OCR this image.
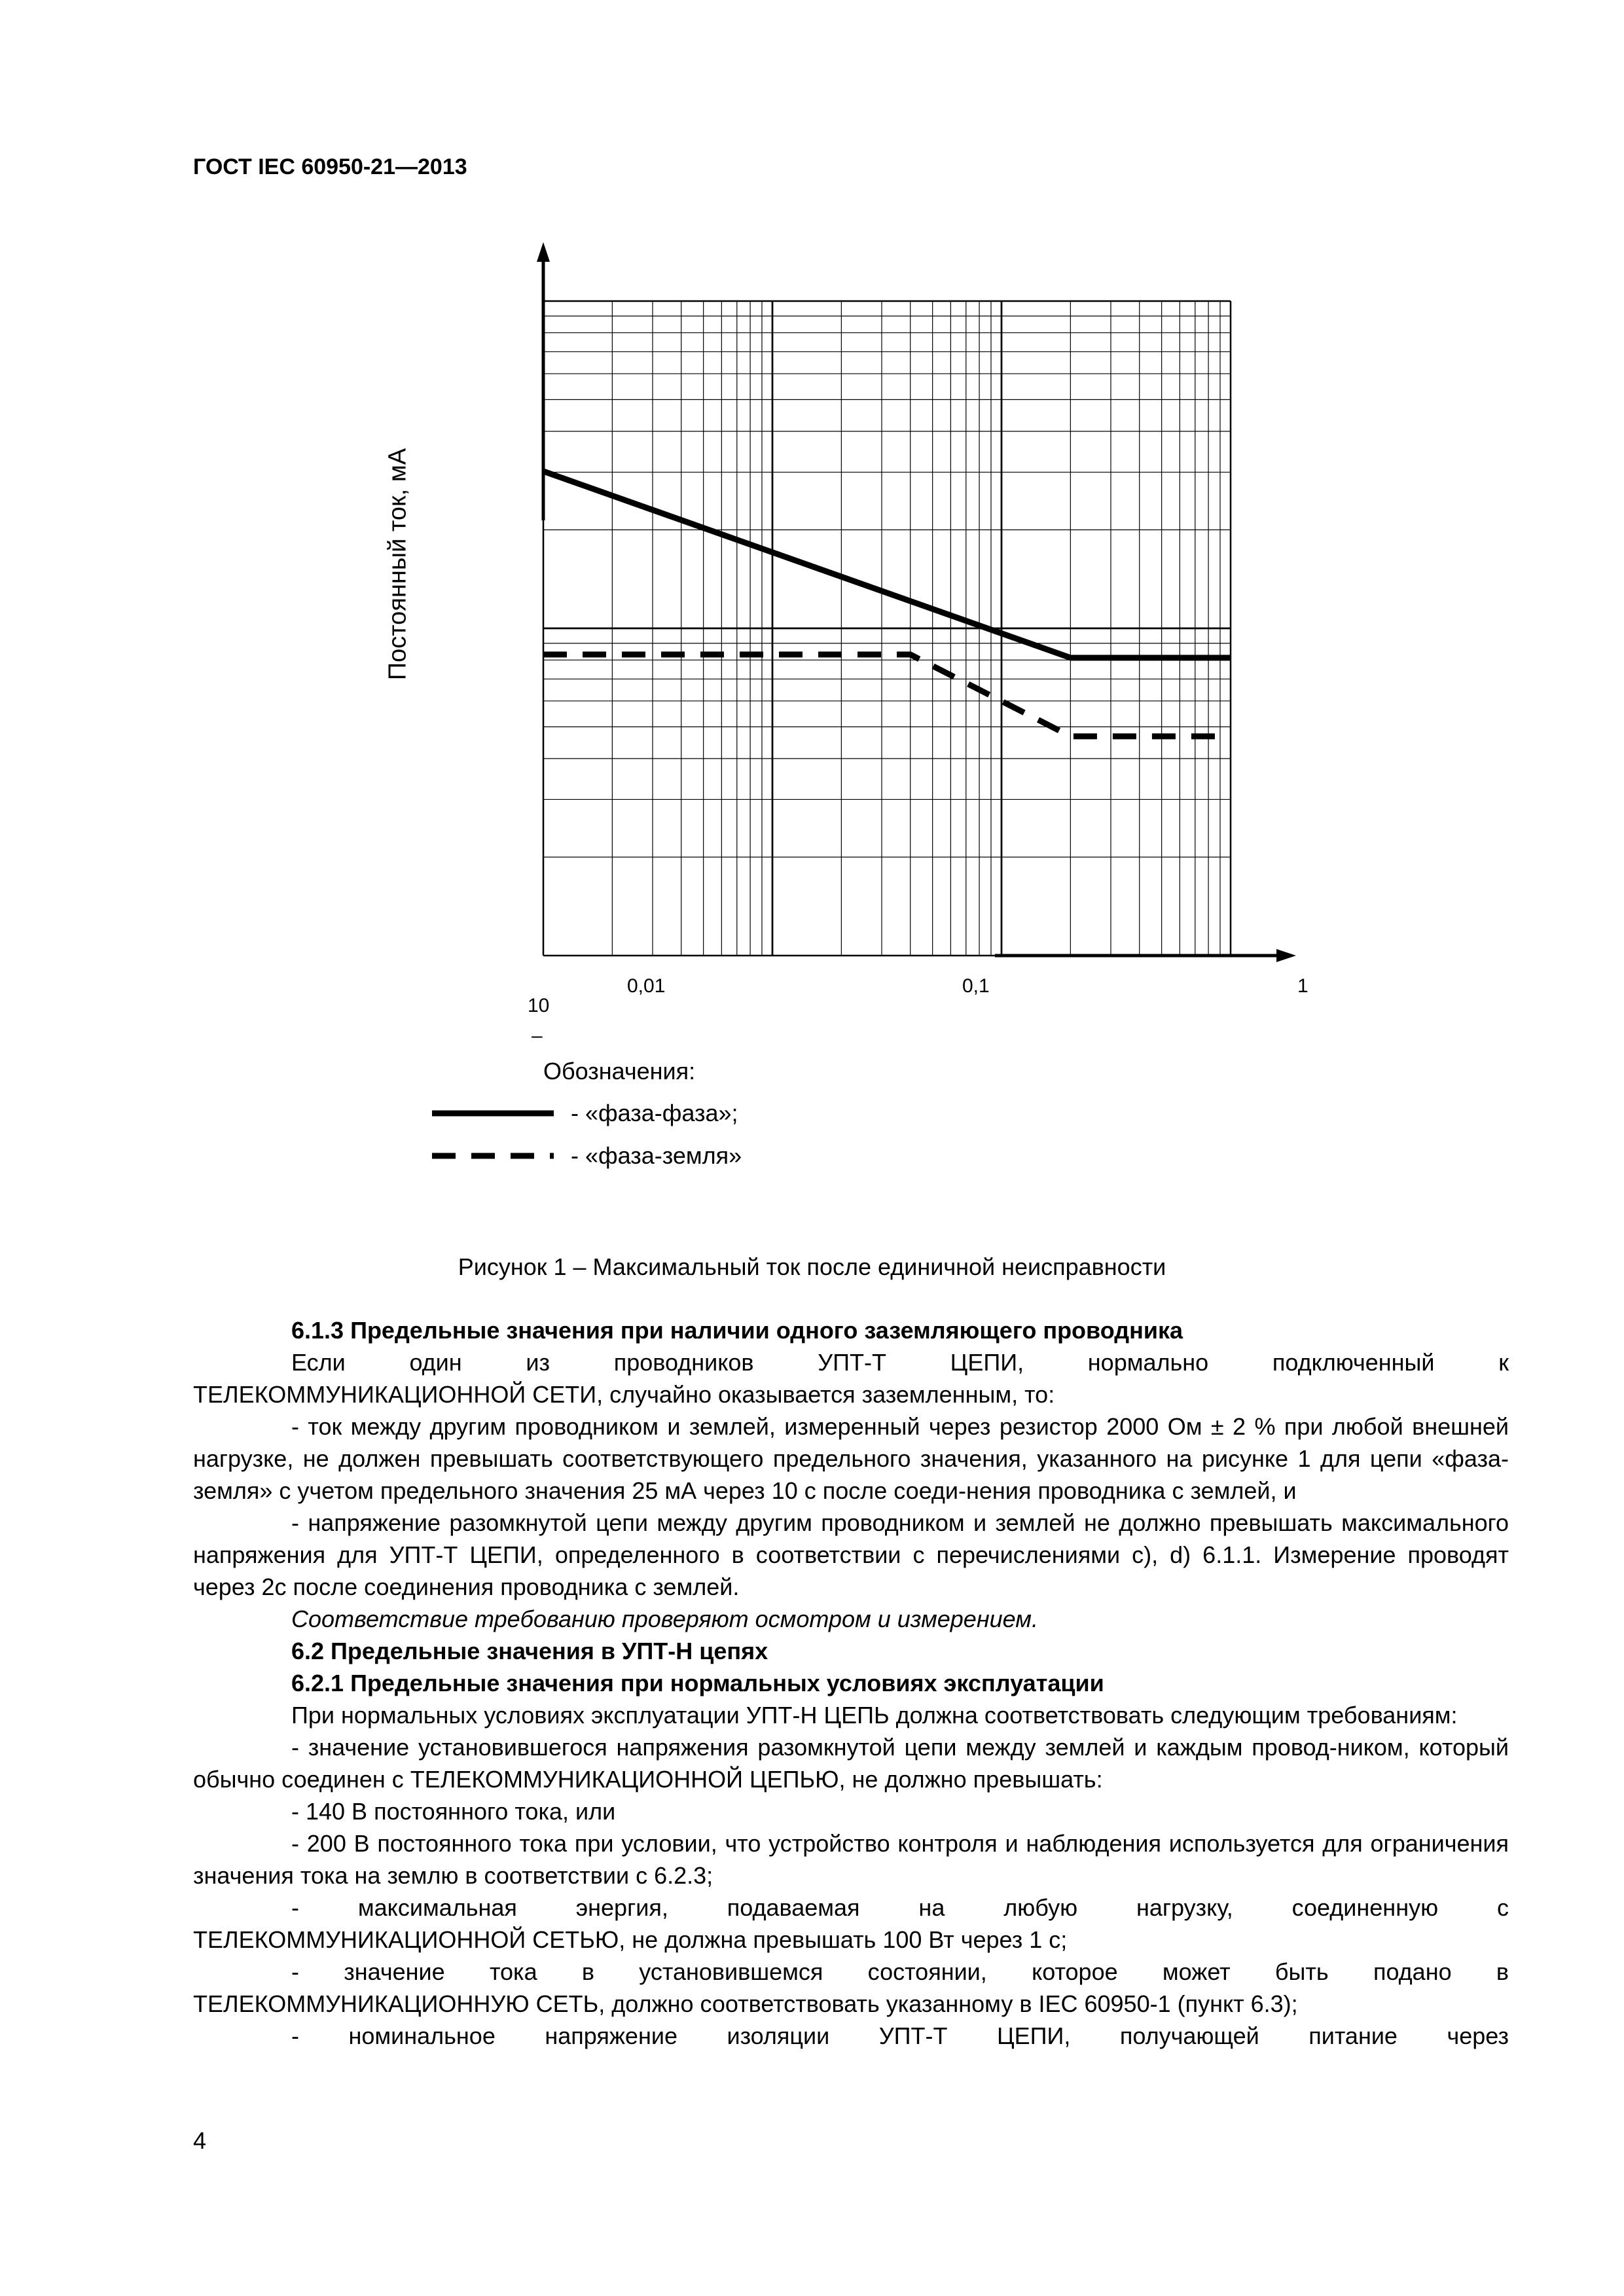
ГОСТ IEC 60950-21—2013
Постоянный ток, мА
10
–
0,01	0,1	1
Обозначения:
- «фаза-фаза»;
- «фаза-земля»
Рисунок 1 – Максимальный ток после единичной неисправности

6.1.3 Предельные значения при наличии одного заземляющего проводника

Если один из проводников УПТ-Т ЦЕПИ, нормально подключенный к

ТЕЛЕКОММУНИКАЦИОННОЙ СЕТИ, случайно оказывается заземленным, то:

- ток между другим проводником и землей, измеренный через резистор 2000 Ом ± 2 % при любой внешней нагрузке, не должен превышать соответствующего предельного значения, указанного на рисунке 1 для цепи «фаза-земля» с учетом предельного значения 25 мА через 10 с после соеди-нения проводника с землей, и

- напряжение разомкнутой цепи между другим проводником и землей не должно превышать максимального напряжения для УПТ-Т ЦЕПИ, определенного в соответствии с перечислениями с), d) 6.1.1. Измерение проводят через 2с после соединения проводника с землей.

Соответствие требованию проверяют осмотром и измерением.

6.2 Предельные значения в УПТ-Н цепях

6.2.1 Предельные значения при нормальных условиях эксплуатации

При нормальных условиях эксплуатации УПТ-Н ЦЕПЬ должна соответствовать следующим требованиям:

- значение установившегося напряжения разомкнутой цепи между землей и каждым провод-ником, который обычно соединен с ТЕЛЕКОММУНИКАЦИОННОЙ ЦЕПЬЮ, не должно превышать:

- 140 В постоянного тока, или

- 200 В постоянного тока при условии, что устройство контроля и наблюдения используется для ограничения значения тока на землю в соответствии с 6.2.3;

- максимальная энергия, подаваемая на любую нагрузку, соединенную с

ТЕЛЕКОММУНИКАЦИОННОЙ СЕТЬЮ, не должна превышать 100 Вт через 1 с;

- значение тока в установившемся состоянии, которое может быть подано в

ТЕЛЕКОММУНИКАЦИОННУЮ СЕТЬ, должно соответствовать указанному в IEC 60950-1 (пункт 6.3);

- номинальное напряжение изоляции УПТ-Т ЦЕПИ, получающей питание через

4
